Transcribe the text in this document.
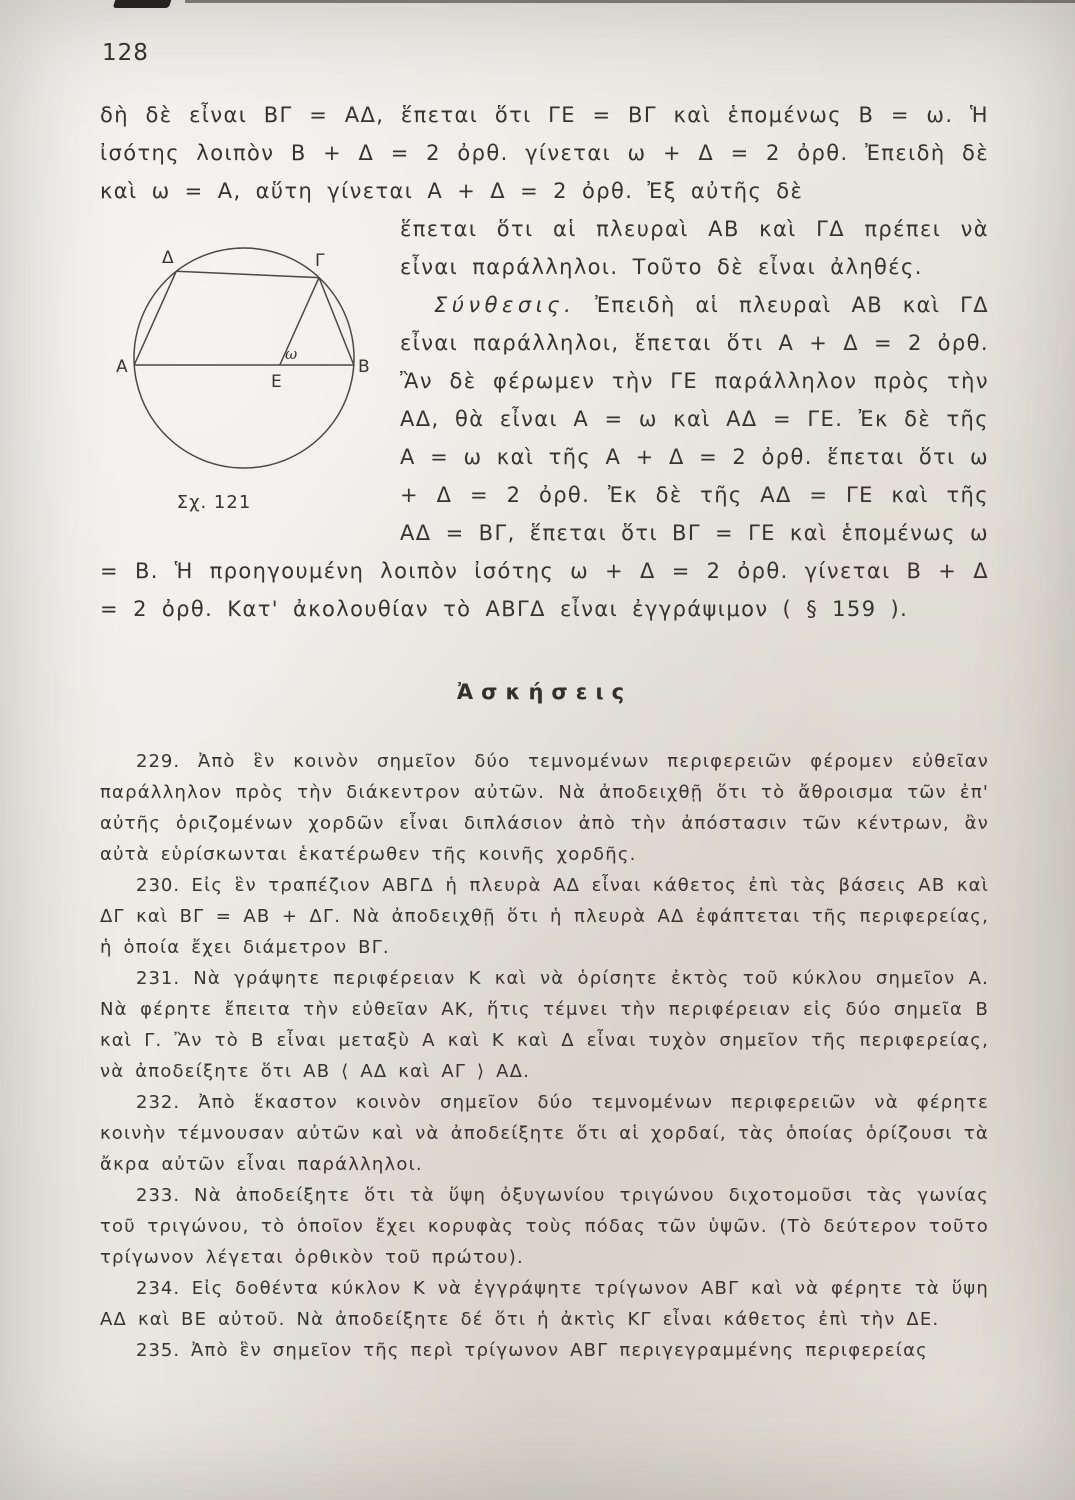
128

δὴ δὲ εἶναι ΒΓ = ΑΔ, ἕπεται ὅτι ΓΕ = ΒΓ καὶ ἑπομένως Β = ω. Ἡ ἰσότης λοιπὸν Β + Δ = 2 ὀρθ. γίνεται ω + Δ = 2 ὀρθ. Ἐπειδὴ δὲ καὶ ω = Α, αὕτη γίνεται Α + Δ = 2 ὀρθ. Ἐξ αὐτῆς δὲ

Α	Β
Γ
Δ
Ε
ω
Σχ. 121

ἕπεται ὅτι αἱ πλευραὶ ΑΒ καὶ ΓΔ πρέπει νὰ εἶναι παράλληλοι. Τοῦτο δὲ εἶναι ἀληθές.

Σύνθεσις. Ἐπειδὴ αἱ πλευραὶ ΑΒ καὶ ΓΔ εἶναι παράλληλοι, ἕπεται ὅτι Α + Δ = 2 ὀρθ. Ἂν δὲ φέρωμεν τὴν ΓΕ παράλληλον πρὸς τὴν ΑΔ, θὰ εἶναι Α = ω καὶ ΑΔ = ΓΕ. Ἐκ δὲ τῆς Α = ω καὶ τῆς Α + Δ = 2 ὀρθ. ἕπεται ὅτι ω + Δ = 2 ὀρθ. Ἐκ δὲ τῆς ΑΔ = ΓΕ καὶ τῆς ΑΔ = ΒΓ, ἕπεται ὅτι ΒΓ = ΓΕ καὶ ἑπομένως ω = Β. Ἡ προηγουμένη λοιπὸν ἰσότης ω + Δ = 2 ὀρθ. γίνεται Β + Δ = 2 ὀρθ. Κατ' ἀκολουθίαν τὸ ΑΒΓΔ εἶναι ἐγγράψιμον ( § 159 ).

Ἀσκήσεις

229. Ἀπὸ ἓν κοινὸν σημεῖον δύο τεμνομένων περιφερειῶν φέρομεν εὐθεῖαν παράλληλον πρὸς τὴν διάκεντρον αὐτῶν. Νὰ ἀποδειχθῇ ὅτι τὸ ἄθροισμα τῶν ἐπ' αὐτῆς ὁριζομένων χορδῶν εἶναι διπλάσιον ἀπὸ τὴν ἀπόστασιν τῶν κέντρων, ἂν αὐτὰ εὑρίσκωνται ἑκατέρωθεν τῆς κοινῆς χορδῆς.

230. Εἰς ἓν τραπέζιον ΑΒΓΔ ἡ πλευρὰ ΑΔ εἶναι κάθετος ἐπὶ τὰς βάσεις ΑΒ καὶ ΔΓ καὶ ΒΓ = ΑΒ + ΔΓ. Νὰ ἀποδειχθῇ ὅτι ἡ πλευρὰ ΑΔ ἐφάπτεται τῆς περιφερείας, ἡ ὁποία ἔχει διάμετρον ΒΓ.

231. Νὰ γράψητε περιφέρειαν Κ καὶ νὰ ὁρίσητε ἐκτὸς τοῦ κύκλου σημεῖον Α. Νὰ φέρητε ἔπειτα τὴν εὐθεῖαν ΑΚ, ἥτις τέμνει τὴν περιφέρειαν εἰς δύο σημεῖα Β καὶ Γ. Ἂν τὸ Β εἶναι μεταξὺ Α καὶ Κ καὶ Δ εἶναι τυχὸν σημεῖον τῆς περιφερείας, νὰ ἀποδείξητε ὅτι ΑΒ ⟨ ΑΔ καὶ ΑΓ ⟩ ΑΔ.

232. Ἀπὸ ἕκαστον κοινὸν σημεῖον δύο τεμνομένων περιφερειῶν νὰ φέρητε κοινὴν τέμνουσαν αὐτῶν καὶ νὰ ἀποδείξητε ὅτι αἱ χορδαί, τὰς ὁποίας ὁρίζουσι τὰ ἄκρα αὐτῶν εἶναι παράλληλοι.

233. Νὰ ἀποδείξητε ὅτι τὰ ὕψη ὀξυγωνίου τριγώνου διχοτομοῦσι τὰς γωνίας τοῦ τριγώνου, τὸ ὁποῖον ἔχει κορυφὰς τοὺς πόδας τῶν ὑψῶν. (Τὸ δεύτερον τοῦτο τρίγωνον λέγεται ὀρθικὸν τοῦ πρώτου).

234. Εἰς δοθέντα κύκλον Κ νὰ ἐγγράψητε τρίγωνον ΑΒΓ καὶ νὰ φέρητε τὰ ὕψη ΑΔ καὶ ΒΕ αὐτοῦ. Νὰ ἀποδείξητε δέ ὅτι ἡ ἀκτὶς ΚΓ εἶναι κάθετος ἐπὶ τὴν ΔΕ.

235. Ἀπὸ ἓν σημεῖον τῆς περὶ τρίγωνον ΑΒΓ περιγεγραμμένης περιφερείας
